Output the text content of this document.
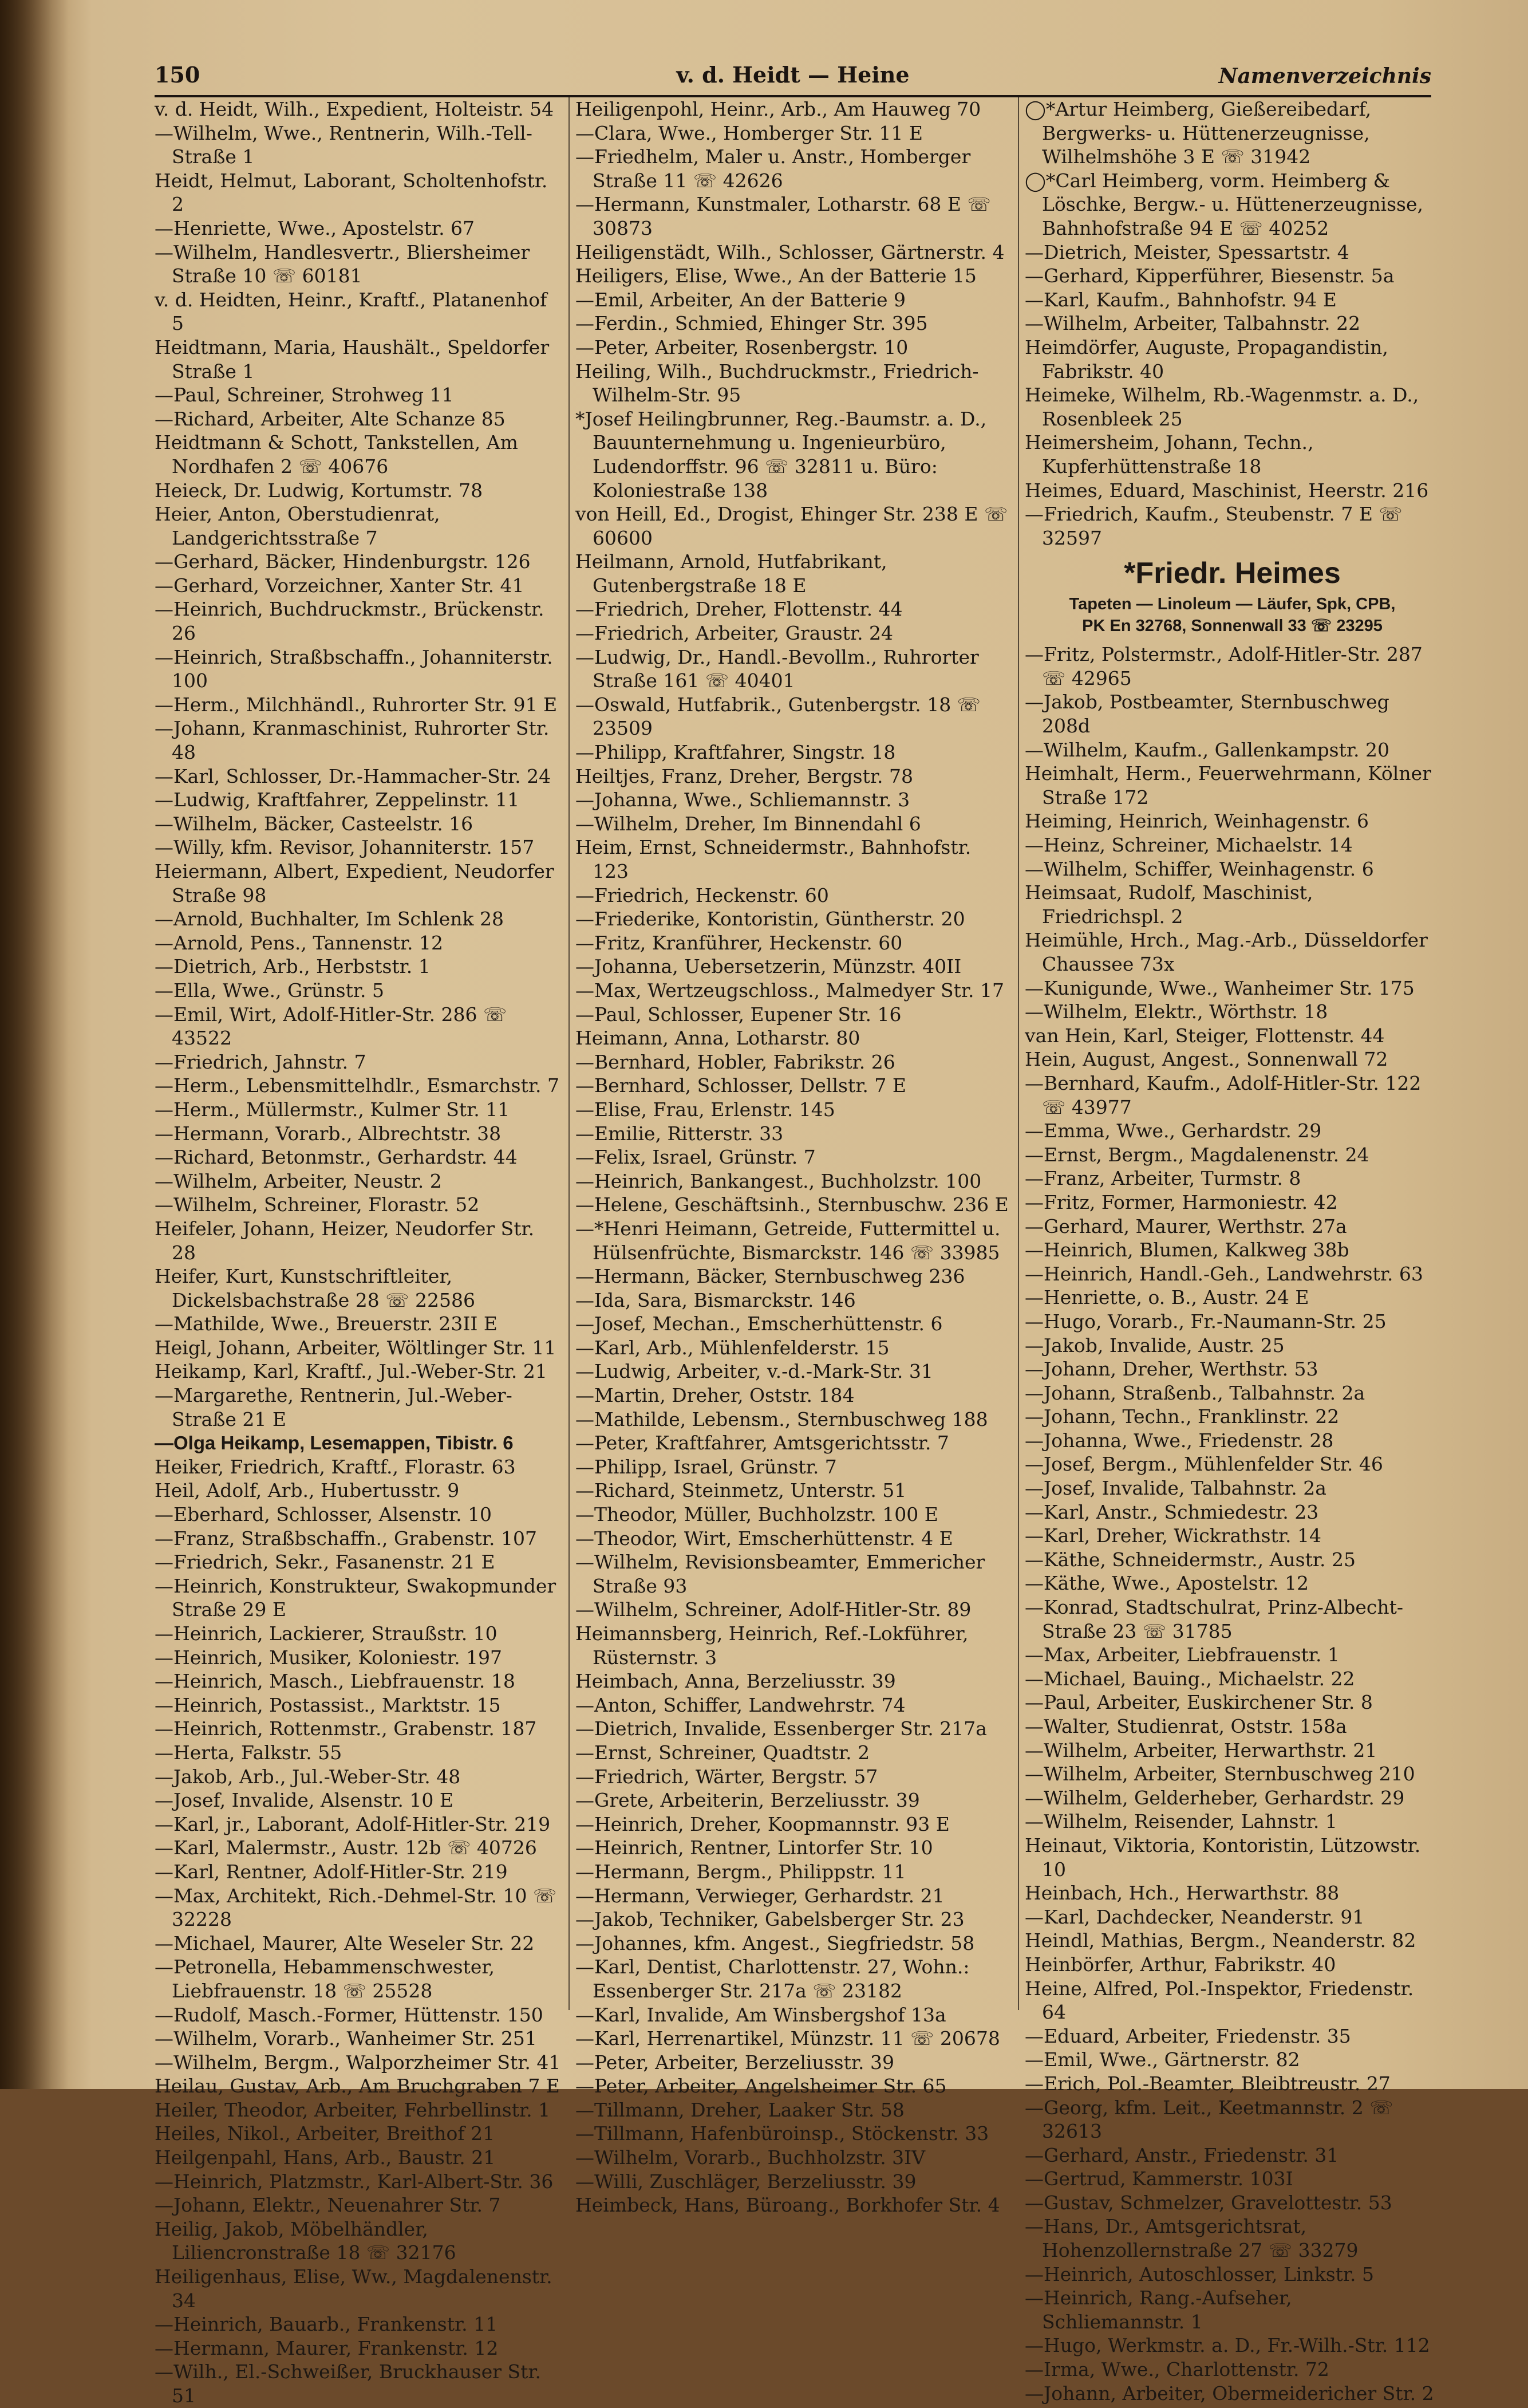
v. d. Heidt — Heine
150	Namenverzeichnis
v. d. Heidt, Wilh., Expedient, Holteistr. 54
—Wilhelm, Wwe., Rentnerin, Wilh.-Tell-Straße 1
Heidt, Helmut, Laborant, Scholtenhofstr. 2
—Henriette, Wwe., Apostelstr. 67
—Wilhelm, Handlesvertr., Bliersheimer Straße 10 ☏ 60181
v. d. Heidten, Heinr., Kraftf., Platanenhof 5
Heidtmann, Maria, Haushält., Speldorfer Straße 1
—Paul, Schreiner, Strohweg 11
—Richard, Arbeiter, Alte Schanze 85
Heidtmann & Schott, Tankstellen, Am Nordhafen 2 ☏ 40676
Heieck, Dr. Ludwig, Kortumstr. 78
Heier, Anton, Oberstudienrat, Landgerichtsstraße 7
—Gerhard, Bäcker, Hindenburgstr. 126
—Gerhard, Vorzeichner, Xanter Str. 41
—Heinrich, Buchdruckmstr., Brückenstr. 26
—Heinrich, Straßbschaffn., Johanniterstr. 100
—Herm., Milchhändl., Ruhrorter Str. 91 E
—Johann, Kranmaschinist, Ruhrorter Str. 48
—Karl, Schlosser, Dr.-Hammacher-Str. 24
—Ludwig, Kraftfahrer, Zeppelinstr. 11
—Wilhelm, Bäcker, Casteelstr. 16
—Willy, kfm. Revisor, Johanniterstr. 157
Heiermann, Albert, Expedient, Neudorfer Straße 98
—Arnold, Buchhalter, Im Schlenk 28
—Arnold, Pens., Tannenstr. 12
—Dietrich, Arb., Herbststr. 1
—Ella, Wwe., Grünstr. 5
—Emil, Wirt, Adolf-Hitler-Str. 286 ☏ 43522
—Friedrich, Jahnstr. 7
—Herm., Lebensmittelhdlr., Esmarchstr. 7
—Herm., Müllermstr., Kulmer Str. 11
—Hermann, Vorarb., Albrechtstr. 38
—Richard, Betonmstr., Gerhardstr. 44
—Wilhelm, Arbeiter, Neustr. 2
—Wilhelm, Schreiner, Florastr. 52
Heifeler, Johann, Heizer, Neudorfer Str. 28
Heifer, Kurt, Kunstschriftleiter, Dickelsbachstraße 28 ☏ 22586
—Mathilde, Wwe., Breuerstr. 23II E
Heigl, Johann, Arbeiter, Wöltlinger Str. 11
Heikamp, Karl, Kraftf., Jul.-Weber-Str. 21
—Margarethe, Rentnerin, Jul.-Weber-Straße 21 E
—Olga Heikamp, Lesemappen, Tibistr. 6
Heiker, Friedrich, Kraftf., Florastr. 63
Heil, Adolf, Arb., Hubertusstr. 9
—Eberhard, Schlosser, Alsenstr. 10
—Franz, Straßbschaffn., Grabenstr. 107
—Friedrich, Sekr., Fasanenstr. 21 E
—Heinrich, Konstrukteur, Swakopmunder Straße 29 E
—Heinrich, Lackierer, Straußstr. 10
—Heinrich, Musiker, Koloniestr. 197
—Heinrich, Masch., Liebfrauenstr. 18
—Heinrich, Postassist., Marktstr. 15
—Heinrich, Rottenmstr., Grabenstr. 187
—Herta, Falkstr. 55
—Jakob, Arb., Jul.-Weber-Str. 48
—Josef, Invalide, Alsenstr. 10 E
—Karl, jr., Laborant, Adolf-Hitler-Str. 219
—Karl, Malermstr., Austr. 12b ☏ 40726
—Karl, Rentner, Adolf-Hitler-Str. 219
—Max, Architekt, Rich.-Dehmel-Str. 10 ☏ 32228
—Michael, Maurer, Alte Weseler Str. 22
—Petronella, Hebammenschwester, Liebfrauenstr. 18 ☏ 25528
—Rudolf, Masch.-Former, Hüttenstr. 150
—Wilhelm, Vorarb., Wanheimer Str. 251
—Wilhelm, Bergm., Walporzheimer Str. 41
Heilau, Gustav, Arb., Am Bruchgraben 7 E
Heiler, Theodor, Arbeiter, Fehrbellinstr. 1
Heiles, Nikol., Arbeiter, Breithof 21
Heilgenpahl, Hans, Arb., Baustr. 21
—Heinrich, Platzmstr., Karl-Albert-Str. 36
—Johann, Elektr., Neuenahrer Str. 7
Heilig, Jakob, Möbelhändler, Liliencronstraße 18 ☏ 32176
Heiligenhaus, Elise, Ww., Magdalenenstr. 34
—Heinrich, Bauarb., Frankenstr. 11
—Hermann, Maurer, Frankenstr. 12
—Wilh., El.-Schweißer, Bruckhauser Str. 51
Heiligenpohl, Heinr., Arb., Am Hauweg 70
—Clara, Wwe., Homberger Str. 11 E
—Friedhelm, Maler u. Anstr., Homberger Straße 11 ☏ 42626
—Hermann, Kunstmaler, Lotharstr. 68 E ☏ 30873
Heiligenstädt, Wilh., Schlosser, Gärtnerstr. 4
Heiligers, Elise, Wwe., An der Batterie 15
—Emil, Arbeiter, An der Batterie 9
—Ferdin., Schmied, Ehinger Str. 395
—Peter, Arbeiter, Rosenbergstr. 10
Heiling, Wilh., Buchdruckmstr., Friedrich-Wilhelm-Str. 95
*Josef Heilingbrunner, Reg.-Baumstr. a. D., Bauunternehmung u. Ingenieurbüro, Ludendorffstr. 96 ☏ 32811 u. Büro: Koloniestraße 138
von Heill, Ed., Drogist, Ehinger Str. 238 E ☏ 60600
Heilmann, Arnold, Hutfabrikant, Gutenbergstraße 18 E
—Friedrich, Dreher, Flottenstr. 44
—Friedrich, Arbeiter, Graustr. 24
—Ludwig, Dr., Handl.-Bevollm., Ruhrorter Straße 161 ☏ 40401
—Oswald, Hutfabrik., Gutenbergstr. 18 ☏ 23509
—Philipp, Kraftfahrer, Singstr. 18
Heiltjes, Franz, Dreher, Bergstr. 78
—Johanna, Wwe., Schliemannstr. 3
—Wilhelm, Dreher, Im Binnendahl 6
Heim, Ernst, Schneidermstr., Bahnhofstr. 123
—Friedrich, Heckenstr. 60
—Friederike, Kontoristin, Güntherstr. 20
—Fritz, Kranführer, Heckenstr. 60
—Johanna, Uebersetzerin, Münzstr. 40II
—Max, Wertzeugschloss., Malmedyer Str. 17
—Paul, Schlosser, Eupener Str. 16
Heimann, Anna, Lotharstr. 80
—Bernhard, Hobler, Fabrikstr. 26
—Bernhard, Schlosser, Dellstr. 7 E
—Elise, Frau, Erlenstr. 145
—Emilie, Ritterstr. 33
—Felix, Israel, Grünstr. 7
—Heinrich, Bankangest., Buchholzstr. 100
—Helene, Geschäftsinh., Sternbuschw. 236 E
—*Henri Heimann, Getreide, Futtermittel u. Hülsenfrüchte, Bismarckstr. 146 ☏ 33985
—Hermann, Bäcker, Sternbuschweg 236
—Ida, Sara, Bismarckstr. 146
—Josef, Mechan., Emscherhüttenstr. 6
—Karl, Arb., Mühlenfelderstr. 15
—Ludwig, Arbeiter, v.-d.-Mark-Str. 31
—Martin, Dreher, Oststr. 184
—Mathilde, Lebensm., Sternbuschweg 188
—Peter, Kraftfahrer, Amtsgerichtsstr. 7
—Philipp, Israel, Grünstr. 7
—Richard, Steinmetz, Unterstr. 51
—Theodor, Müller, Buchholzstr. 100 E
—Theodor, Wirt, Emscherhüttenstr. 4 E
—Wilhelm, Revisionsbeamter, Emmericher Straße 93
—Wilhelm, Schreiner, Adolf-Hitler-Str. 89
Heimannsberg, Heinrich, Ref.-Lokführer, Rüsternstr. 3
Heimbach, Anna, Berzeliusstr. 39
—Anton, Schiffer, Landwehrstr. 74
—Dietrich, Invalide, Essenberger Str. 217a
—Ernst, Schreiner, Quadtstr. 2
—Friedrich, Wärter, Bergstr. 57
—Grete, Arbeiterin, Berzeliusstr. 39
—Heinrich, Dreher, Koopmannstr. 93 E
—Heinrich, Rentner, Lintorfer Str. 10
—Hermann, Bergm., Philippstr. 11
—Hermann, Verwieger, Gerhardstr. 21
—Jakob, Techniker, Gabelsberger Str. 23
—Johannes, kfm. Angest., Siegfriedstr. 58
—Karl, Dentist, Charlottenstr. 27, Wohn.: Essenberger Str. 217a ☏ 23182
—Karl, Invalide, Am Winsbergshof 13a
—Karl, Herrenartikel, Münzstr. 11 ☏ 20678
—Peter, Arbeiter, Berzeliusstr. 39
—Peter, Arbeiter, Angelsheimer Str. 65
—Tillmann, Dreher, Laaker Str. 58
—Tillmann, Hafenbüroinsp., Stöckenstr. 33
—Wilhelm, Vorarb., Buchholzstr. 3IV
—Willi, Zuschläger, Berzeliusstr. 39
Heimbeck, Hans, Büroang., Borkhofer Str. 4
◯*Artur Heimberg, Gießereibedarf, Bergwerks- u. Hüttenerzeugnisse, Wilhelmshöhe 3 E ☏ 31942
◯*Carl Heimberg, vorm. Heimberg & Löschke, Bergw.- u. Hüttenerzeugnisse, Bahnhofstraße 94 E ☏ 40252
—Dietrich, Meister, Spessartstr. 4
—Gerhard, Kipperführer, Biesenstr. 5a
—Karl, Kaufm., Bahnhofstr. 94 E
—Wilhelm, Arbeiter, Talbahnstr. 22
Heimdörfer, Auguste, Propagandistin, Fabrikstr. 40
Heimeke, Wilhelm, Rb.-Wagenmstr. a. D., Rosenbleek 25
Heimersheim, Johann, Techn., Kupferhüttenstraße 18
Heimes, Eduard, Maschinist, Heerstr. 216
—Friedrich, Kaufm., Steubenstr. 7 E ☏ 32597
*Friedr. Heimes
Tapeten — Linoleum — Läufer, Spk, CPB,
PK En 32768, Sonnenwall 33 ☏ 23295
—Fritz, Polstermstr., Adolf-Hitler-Str. 287 ☏ 42965
—Jakob, Postbeamter, Sternbuschweg 208d
—Wilhelm, Kaufm., Gallenkampstr. 20
Heimhalt, Herm., Feuerwehrmann, Kölner Straße 172
Heiming, Heinrich, Weinhagenstr. 6
—Heinz, Schreiner, Michaelstr. 14
—Wilhelm, Schiffer, Weinhagenstr. 6
Heimsaat, Rudolf, Maschinist, Friedrichspl. 2
Heimühle, Hrch., Mag.-Arb., Düsseldorfer Chaussee 73x
—Kunigunde, Wwe., Wanheimer Str. 175
—Wilhelm, Elektr., Wörthstr. 18
van Hein, Karl, Steiger, Flottenstr. 44
Hein, August, Angest., Sonnenwall 72
—Bernhard, Kaufm., Adolf-Hitler-Str. 122 ☏ 43977
—Emma, Wwe., Gerhardstr. 29
—Ernst, Bergm., Magdalenenstr. 24
—Franz, Arbeiter, Turmstr. 8
—Fritz, Former, Harmoniestr. 42
—Gerhard, Maurer, Werthstr. 27a
—Heinrich, Blumen, Kalkweg 38b
—Heinrich, Handl.-Geh., Landwehrstr. 63
—Henriette, o. B., Austr. 24 E
—Hugo, Vorarb., Fr.-Naumann-Str. 25
—Jakob, Invalide, Austr. 25
—Johann, Dreher, Werthstr. 53
—Johann, Straßenb., Talbahnstr. 2a
—Johann, Techn., Franklinstr. 22
—Johanna, Wwe., Friedenstr. 28
—Josef, Bergm., Mühlenfelder Str. 46
—Josef, Invalide, Talbahnstr. 2a
—Karl, Anstr., Schmiedestr. 23
—Karl, Dreher, Wickrathstr. 14
—Käthe, Schneidermstr., Austr. 25
—Käthe, Wwe., Apostelstr. 12
—Konrad, Stadtschulrat, Prinz-Albecht-Straße 23 ☏ 31785
—Max, Arbeiter, Liebfrauenstr. 1
—Michael, Bauing., Michaelstr. 22
—Paul, Arbeiter, Euskirchener Str. 8
—Walter, Studienrat, Oststr. 158a
—Wilhelm, Arbeiter, Herwarthstr. 21
—Wilhelm, Arbeiter, Sternbuschweg 210
—Wilhelm, Gelderheber, Gerhardstr. 29
—Wilhelm, Reisender, Lahnstr. 1
Heinaut, Viktoria, Kontoristin, Lützowstr. 10
Heinbach, Hch., Herwarthstr. 88
—Karl, Dachdecker, Neanderstr. 91
Heindl, Mathias, Bergm., Neanderstr. 82
Heinbörfer, Arthur, Fabrikstr. 40
Heine, Alfred, Pol.-Inspektor, Friedenstr. 64
—Eduard, Arbeiter, Friedenstr. 35
—Emil, Wwe., Gärtnerstr. 82
—Erich, Pol.-Beamter, Bleibtreustr. 27
—Georg, kfm. Leit., Keetmannstr. 2 ☏ 32613
—Gerhard, Anstr., Friedenstr. 31
—Gertrud, Kammerstr. 103I
—Gustav, Schmelzer, Gravelottestr. 53
—Hans, Dr., Amtsgerichtsrat, Hohenzollernstraße 27 ☏ 33279
—Heinrich, Autoschlosser, Linkstr. 5
—Heinrich, Rang.-Aufseher, Schliemannstr. 1
—Hugo, Werkmstr. a. D., Fr.-Wilh.-Str. 112
—Irma, Wwe., Charlottenstr. 72
—Johann, Arbeiter, Obermeidericher Str. 2
